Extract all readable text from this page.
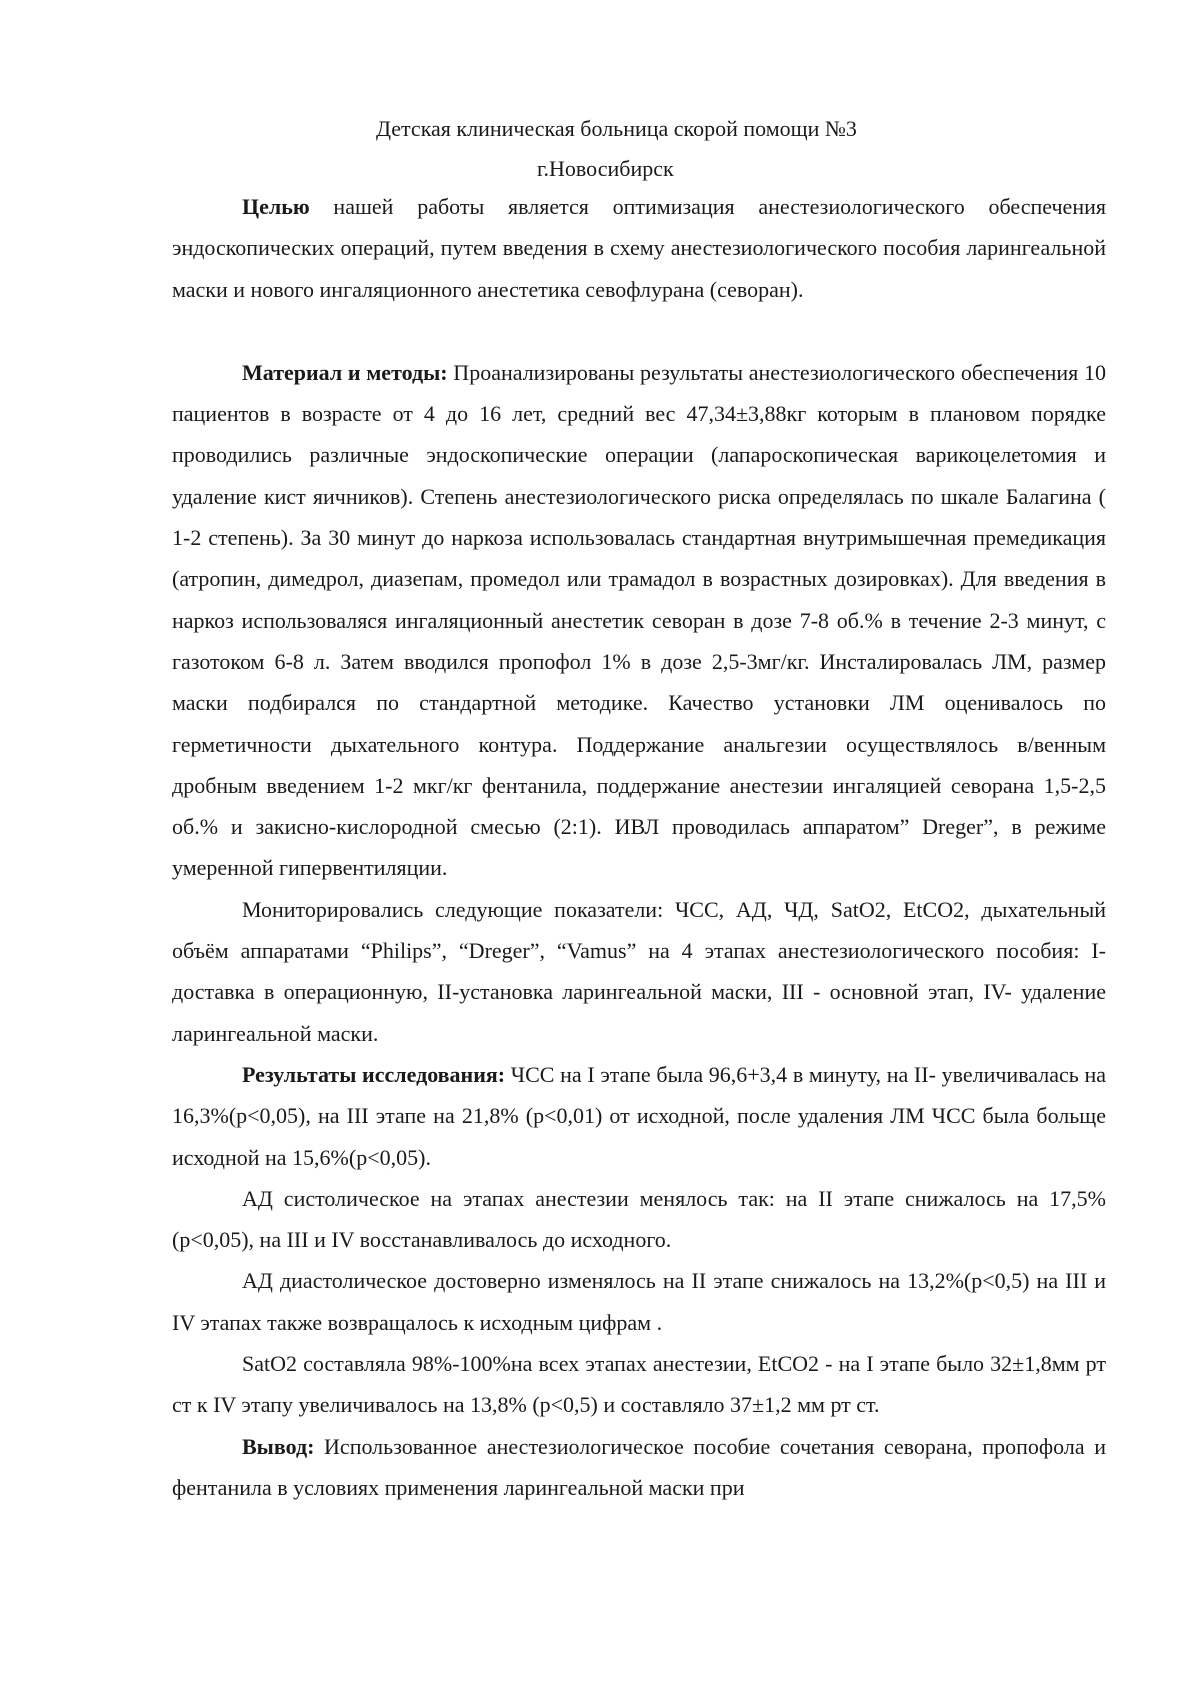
Детская клиническая больница скорой помощи №3
г.Новосибирск

Целью нашей работы является оптимизация анестезиологического обеспечения эндоскопических операций, путем введения в схему анестезиологического пособия ларингеальной маски и нового ингаляционного анестетика севофлурана (севоран).

Материал и методы: Проанализированы результаты анестезиологического обеспечения 10 пациентов в возрасте от 4 до 16 лет, средний вес 47,34±3,88кг которым в плановом порядке проводились различные эндоскопические операции (лапароскопическая варикоцелетомия и удаление кист яичников). Степень анестезиологического риска определялась по шкале Балагина ( 1-2 степень). За 30 минут до наркоза использовалась стандартная внутримышечная премедикация (атропин, димедрол, диазепам, промедол или трамадол в возрастных дозировках). Для введения в наркоз использоваляся ингаляционный анестетик севоран в дозе 7-8 об.% в течение 2-3 минут, с газотоком 6-8 л. Затем вводился пропофол 1% в дозе 2,5-3мг/кг. Инсталировалась ЛМ, размер маски подбирался по стандартной методике. Качество установки ЛМ оценивалось по герметичности дыхательного контура. Поддержание анальгезии осуществлялось в/венным дробным введением 1-2 мкг/кг фентанила, поддержание анестезии ингаляцией севорана 1,5-2,5 об.% и закисно-кислородной смесью (2:1). ИВЛ проводилась аппаратом” Dreger”, в режиме умеренной гипервентиляции.

Мониторировались следующие показатели: ЧСС, АД, ЧД, SatO2, EtCO2, дыхательный объём аппаратами “Philips”, “Dreger”, “Vamus” на 4 этапах анестезиологического пособия: I-доставка в операционную, II-установка ларингеальной маски, III - основной этап, IV- удаление ларингеальной маски.

Результаты исследования: ЧСС на I этапе была 96,6+3,4 в минуту, на II- увеличивалась на 16,3%(p<0,05), на III этапе на 21,8% (p<0,01) от исходной, после удаления ЛМ ЧСС была больще исходной на 15,6%(p<0,05).

АД систолическое на этапах анестезии менялось так: на II этапе снижалось на 17,5%(p<0,05), на III и IV восстанавливалось до исходного.

АД диастолическое достоверно изменялось на II этапе снижалось на 13,2%(p<0,5) на III и IV этапах также возвращалось к исходным цифрам .

SatO2 составляла 98%-100%на всех этапах анестезии, EtCO2 - на I этапе было 32±1,8мм рт ст к IV этапу увеличивалось на 13,8% (p<0,5) и составляло 37±1,2 мм рт ст.

Вывод: Использованное анестезиологическое пособие сочетания севорана, пропофола и фентанила в условиях применения ларингеальной маски при
